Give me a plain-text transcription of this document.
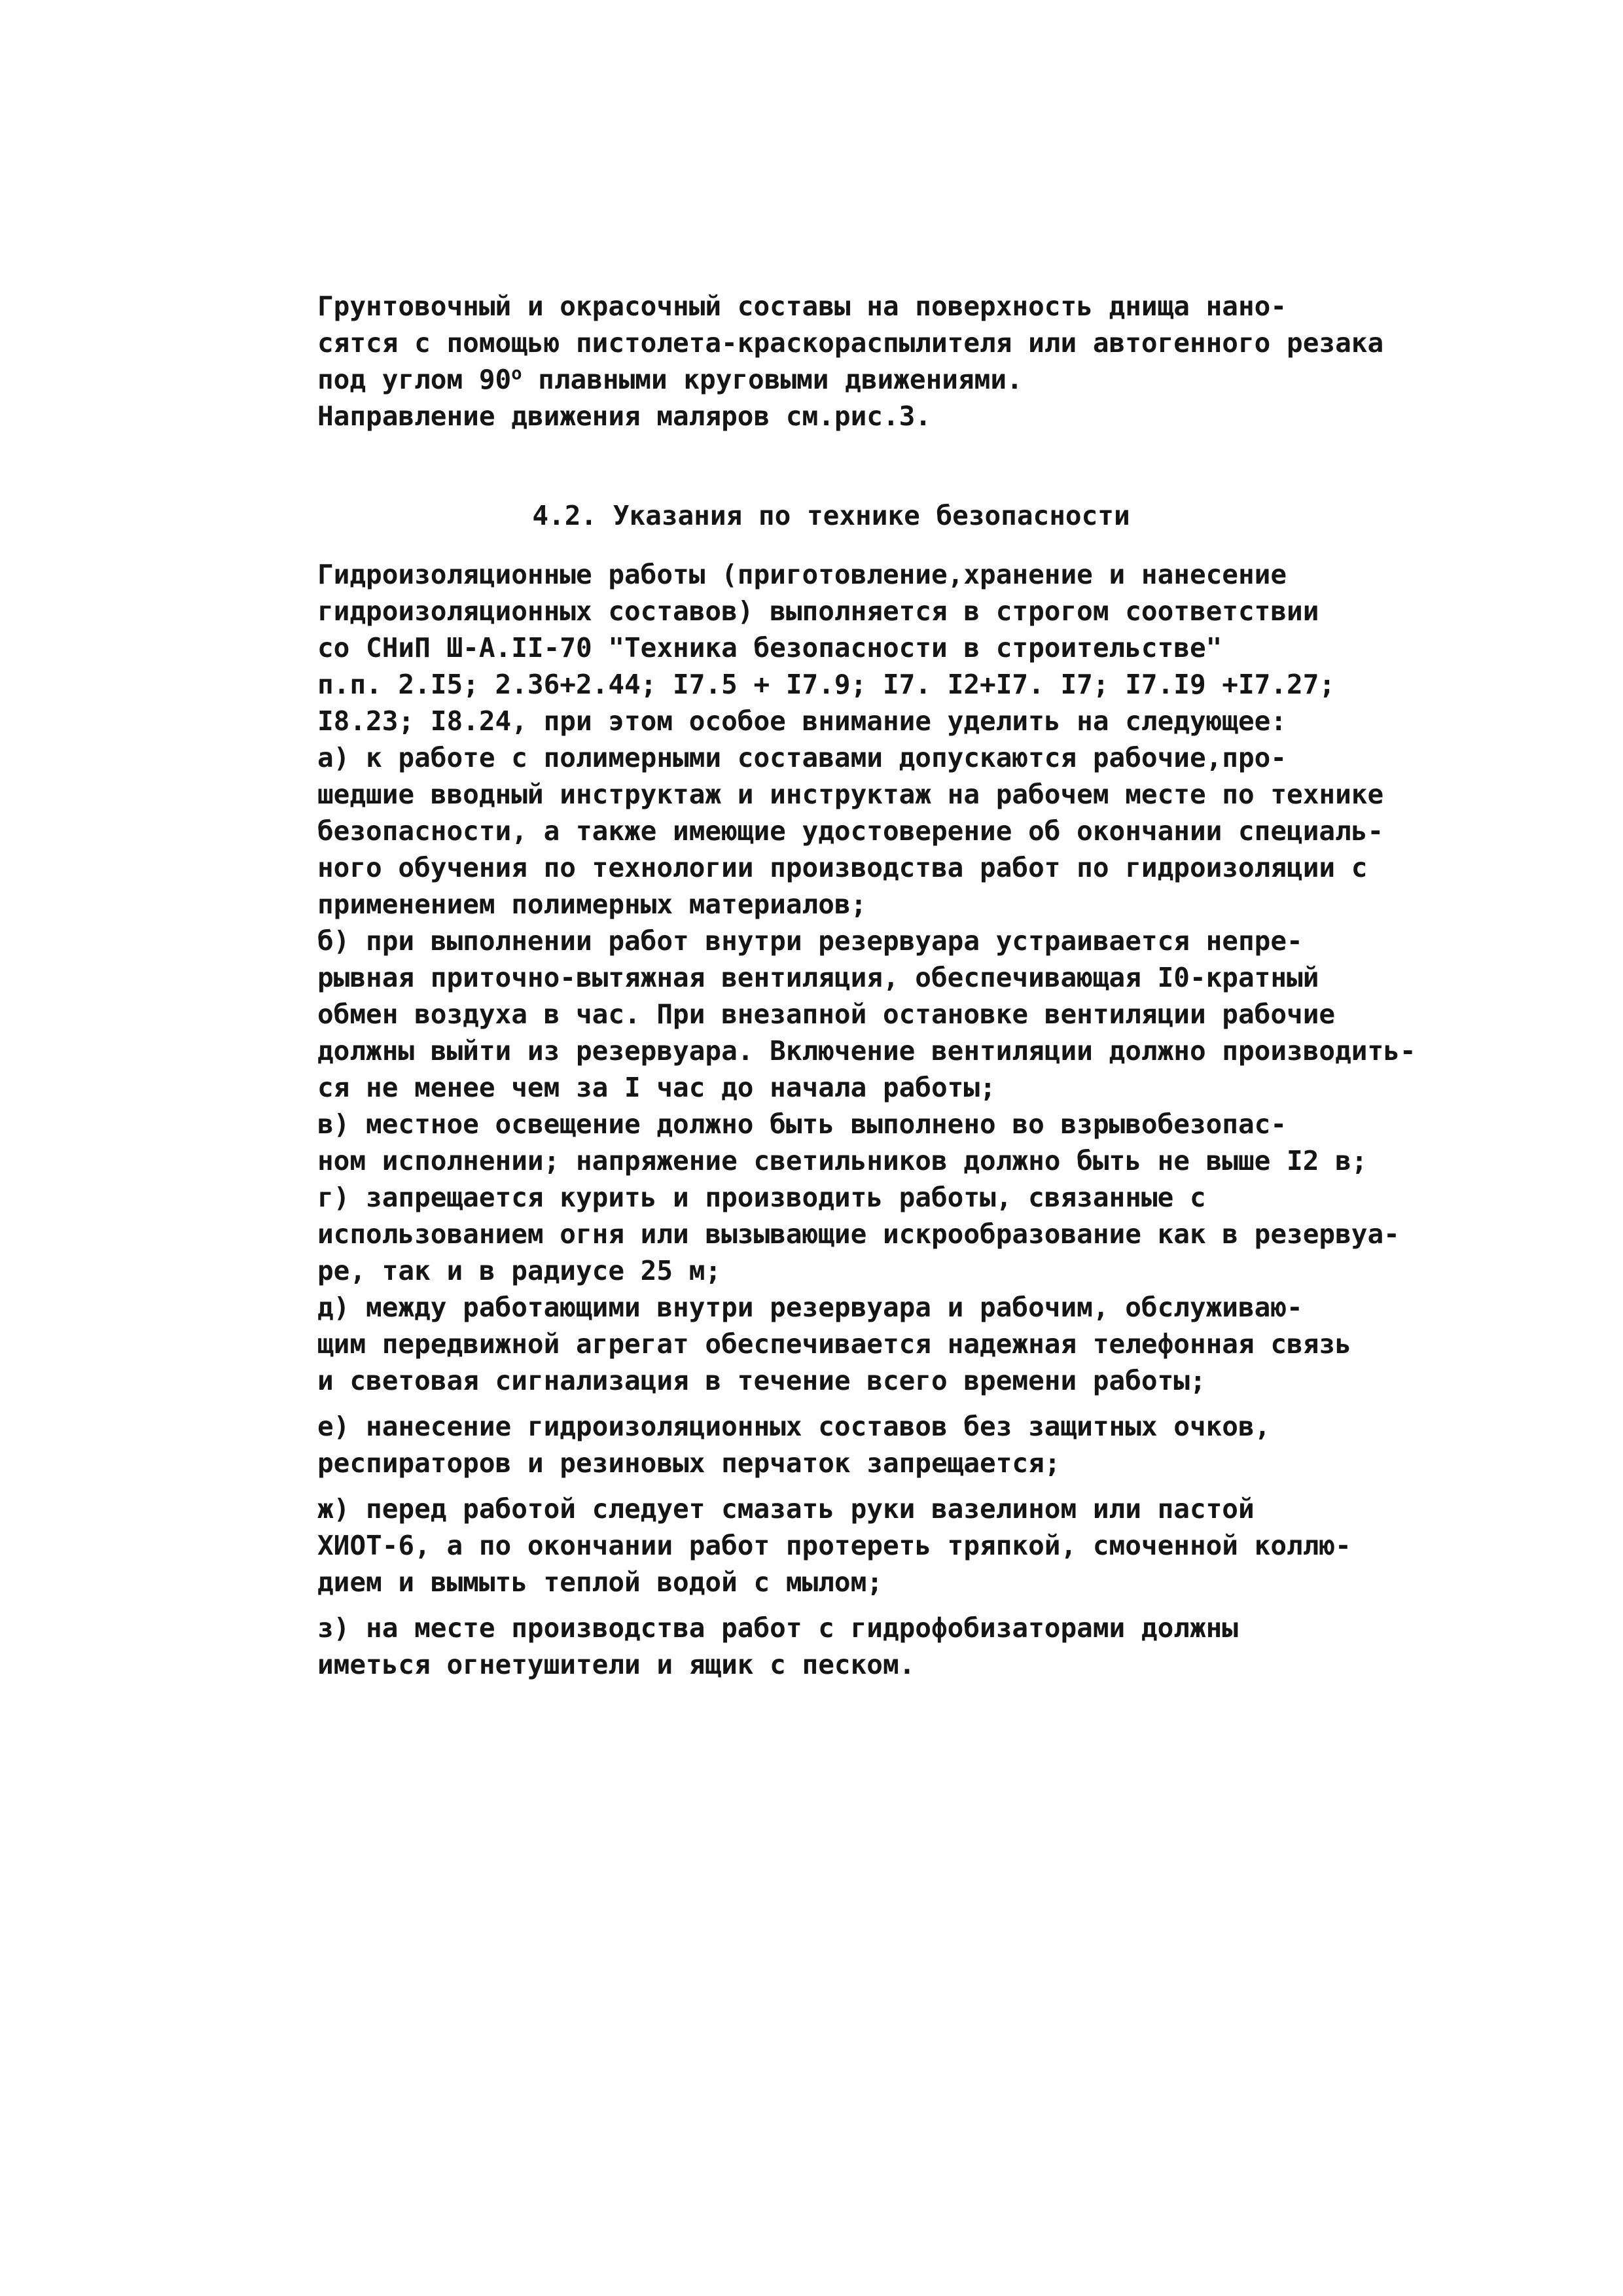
Грунтовочный и окрасочный составы на поверхность днища нано-
сятся с помощью пистолета-краскораспылителя или автогенного резака
под углом $90^о$ плавными круговыми движениями.

Направление движения маляров см.рис.3.

4.2. Указания по технике безопасности

Гидроизоляционные работы (приготовление,хранение и нанесение
гидроизоляционных составов) выполняется в строгом соответствии
со СНиП Ш-А.II-70 "Техника безопасности в строительстве"
п.п. 2.I5; 2.36+2.44; I7.5 + I7.9; I7. I2+I7. I7; I7.I9 +I7.27;
I8.23; I8.24, при этом особое внимание уделить на следующее:

а) к работе с полимерными составами допускаются рабочие,про-
шедшие вводный инструктаж и инструктаж на рабочем месте по технике
безопасности, а также имеющие удостоверение об окончании специаль-
ного обучения по технологии производства работ по гидроизоляции с
применением полимерных материалов;

б) при выполнении работ внутри резервуара устраивается непре-
рывная приточно-вытяжная вентиляция, обеспечивающая I0-кратный
обмен воздуха в час. При внезапной остановке вентиляции рабочие
должны выйти из резервуара. Включение вентиляции должно производить-
ся не менее чем за I час до начала работы;

в) местное освещение должно быть выполнено во взрывобезопас-
ном исполнении; напряжение светильников должно быть не выше I2 в;

г) запрещается курить и производить работы, связанные с
использованием огня или вызывающие искрообразование как в резервуа-
ре, так и в радиусе 25 м;

д) между работающими внутри резервуара и рабочим, обслуживаю-
щим передвижной агрегат обеспечивается надежная телефонная связь
и световая сигнализация в течение всего времени работы;

е) нанесение гидроизоляционных составов без защитных очков,
респираторов и резиновых перчаток запрещается;

ж) перед работой следует смазать руки вазелином или пастой
ХИОТ-6, а по окончании работ протереть тряпкой, смоченной коллю-
дием и вымыть теплой водой с мылом;

з) на месте производства работ с гидрофобизаторами должны
иметься огнетушители и ящик с песком.
